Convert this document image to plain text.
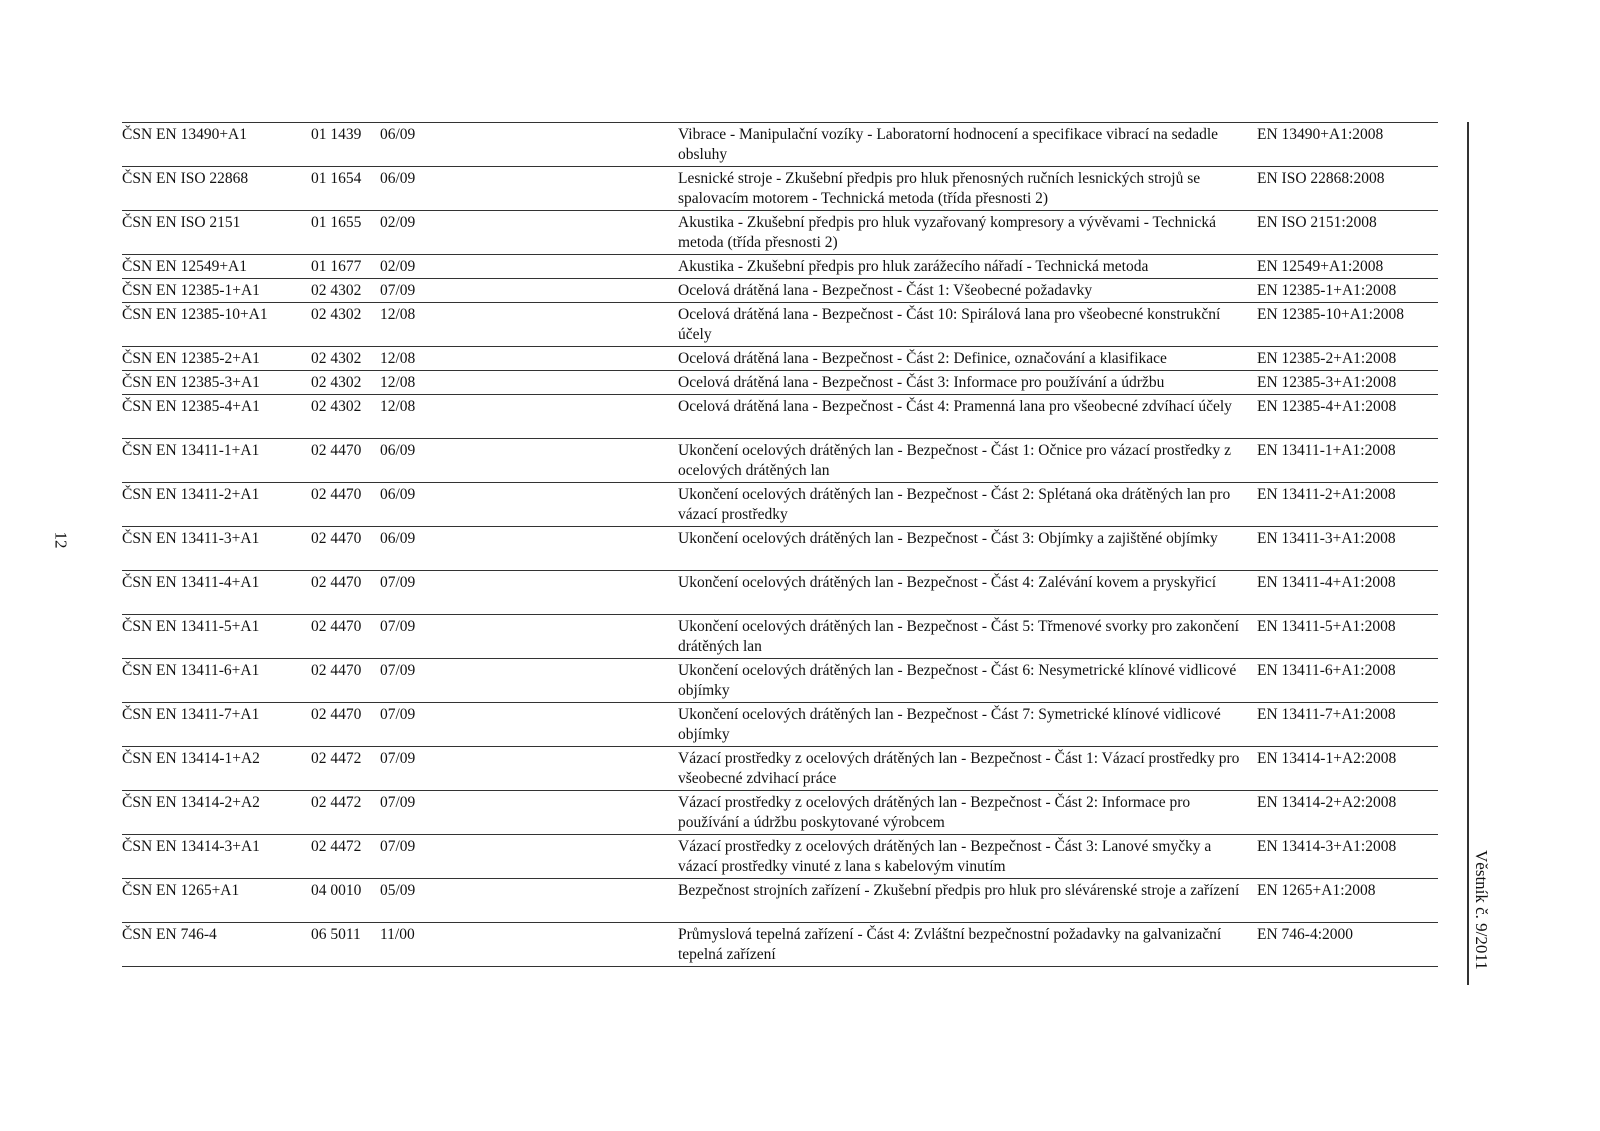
12
Věstník č. 9/2011
ČSN EN 13490+A1	01 1439 06/09	Vibrace - Manipulační vozíky - Laboratorní hodnocení a specifikace vibrací na sedadle obsluhy
EN 13490+A1:2008
ČSN EN ISO 22868	01 1654 06/09	Lesnické stroje - Zkušební předpis pro hluk přenosných ručních lesnických strojů se spalovacím motorem - Technická metoda (třída přesnosti 2)
EN ISO 22868:2008
ČSN EN ISO 2151	01 1655 02/09	Akustika - Zkušební předpis pro hluk vyzařovaný kompresory a vývěvami - Technická metoda (třída přesnosti 2)
EN ISO 2151:2008
ČSN EN 12549+A1	01 1677 02/09	Akustika - Zkušební předpis pro hluk zarážecího nářadí - Technická metoda	EN 12549+A1:2008
ČSN EN 12385-1+A1	02 4302 07/09	Ocelová drátěná lana - Bezpečnost - Část 1: Všeobecné požadavky	EN 12385-1+A1:2008
ČSN EN 12385-10+A1	02 4302 12/08	Ocelová drátěná lana - Bezpečnost - Část 10: Spirálová lana pro všeobecné konstrukční účely
EN 12385-10+A1:2008
ČSN EN 12385-2+A1	02 4302 12/08	Ocelová drátěná lana - Bezpečnost - Část 2: Definice, označování a klasifikace	EN 12385-2+A1:2008
ČSN EN 12385-3+A1	02 4302 12/08	Ocelová drátěná lana - Bezpečnost - Část 3: Informace pro používání a údržbu	EN 12385-3+A1:2008
ČSN EN 12385-4+A1	02 4302 12/08	Ocelová drátěná lana - Bezpečnost - Část 4: Pramenná lana pro všeobecné zdvíhací účely	EN 12385-4+A1:2008
ČSN EN 13411-1+A1	02 4470 06/09	Ukončení ocelových drátěných lan - Bezpečnost - Část 1: Očnice pro vázací prostředky z ocelových drátěných lan
EN 13411-1+A1:2008
ČSN EN 13411-2+A1	02 4470 06/09	Ukončení ocelových drátěných lan - Bezpečnost - Část 2: Splétaná oka drátěných lan pro vázací prostředky
EN 13411-2+A1:2008
ČSN EN 13411-3+A1	02 4470 06/09	Ukončení ocelových drátěných lan - Bezpečnost - Část 3: Objímky a zajištěné objímky	EN 13411-3+A1:2008
ČSN EN 13411-4+A1	02 4470 07/09	Ukončení ocelových drátěných lan - Bezpečnost - Část 4: Zalévání kovem a pryskyřicí	EN 13411-4+A1:2008
ČSN EN 13411-5+A1	02 4470 07/09	Ukončení ocelových drátěných lan - Bezpečnost - Část 5: Třmenové svorky pro zakončení drátěných lan
EN 13411-5+A1:2008
ČSN EN 13411-6+A1	02 4470 07/09	Ukončení ocelových drátěných lan - Bezpečnost - Část 6: Nesymetrické klínové vidlicové objímky
EN 13411-6+A1:2008
ČSN EN 13411-7+A1	02 4470 07/09	Ukončení ocelových drátěných lan - Bezpečnost - Část 7: Symetrické klínové vidlicové objímky
EN 13411-7+A1:2008
ČSN EN 13414-1+A2	02 4472 07/09	Vázací prostředky z ocelových drátěných lan - Bezpečnost - Část 1: Vázací prostředky pro všeobecné zdvihací práce
EN 13414-1+A2:2008
ČSN EN 13414-2+A2	02 4472 07/09	Vázací prostředky z ocelových drátěných lan - Bezpečnost - Část 2: Informace pro používání a údržbu poskytované výrobcem
EN 13414-2+A2:2008
ČSN EN 13414-3+A1	02 4472 07/09	Vázací prostředky z ocelových drátěných lan - Bezpečnost - Část 3: Lanové smyčky a vázací prostředky vinuté z lana s kabelovým vinutím
EN 13414-3+A1:2008
ČSN EN 1265+A1	04 0010 05/09	Bezpečnost strojních zařízení - Zkušební předpis pro hluk pro slévárenské stroje a zařízení	EN 1265+A1:2008
ČSN EN 746-4	06 5011 11/00	Průmyslová tepelná zařízení - Část 4: Zvláštní bezpečnostní požadavky na galvanizační tepelná zařízení
EN 746-4:2000
